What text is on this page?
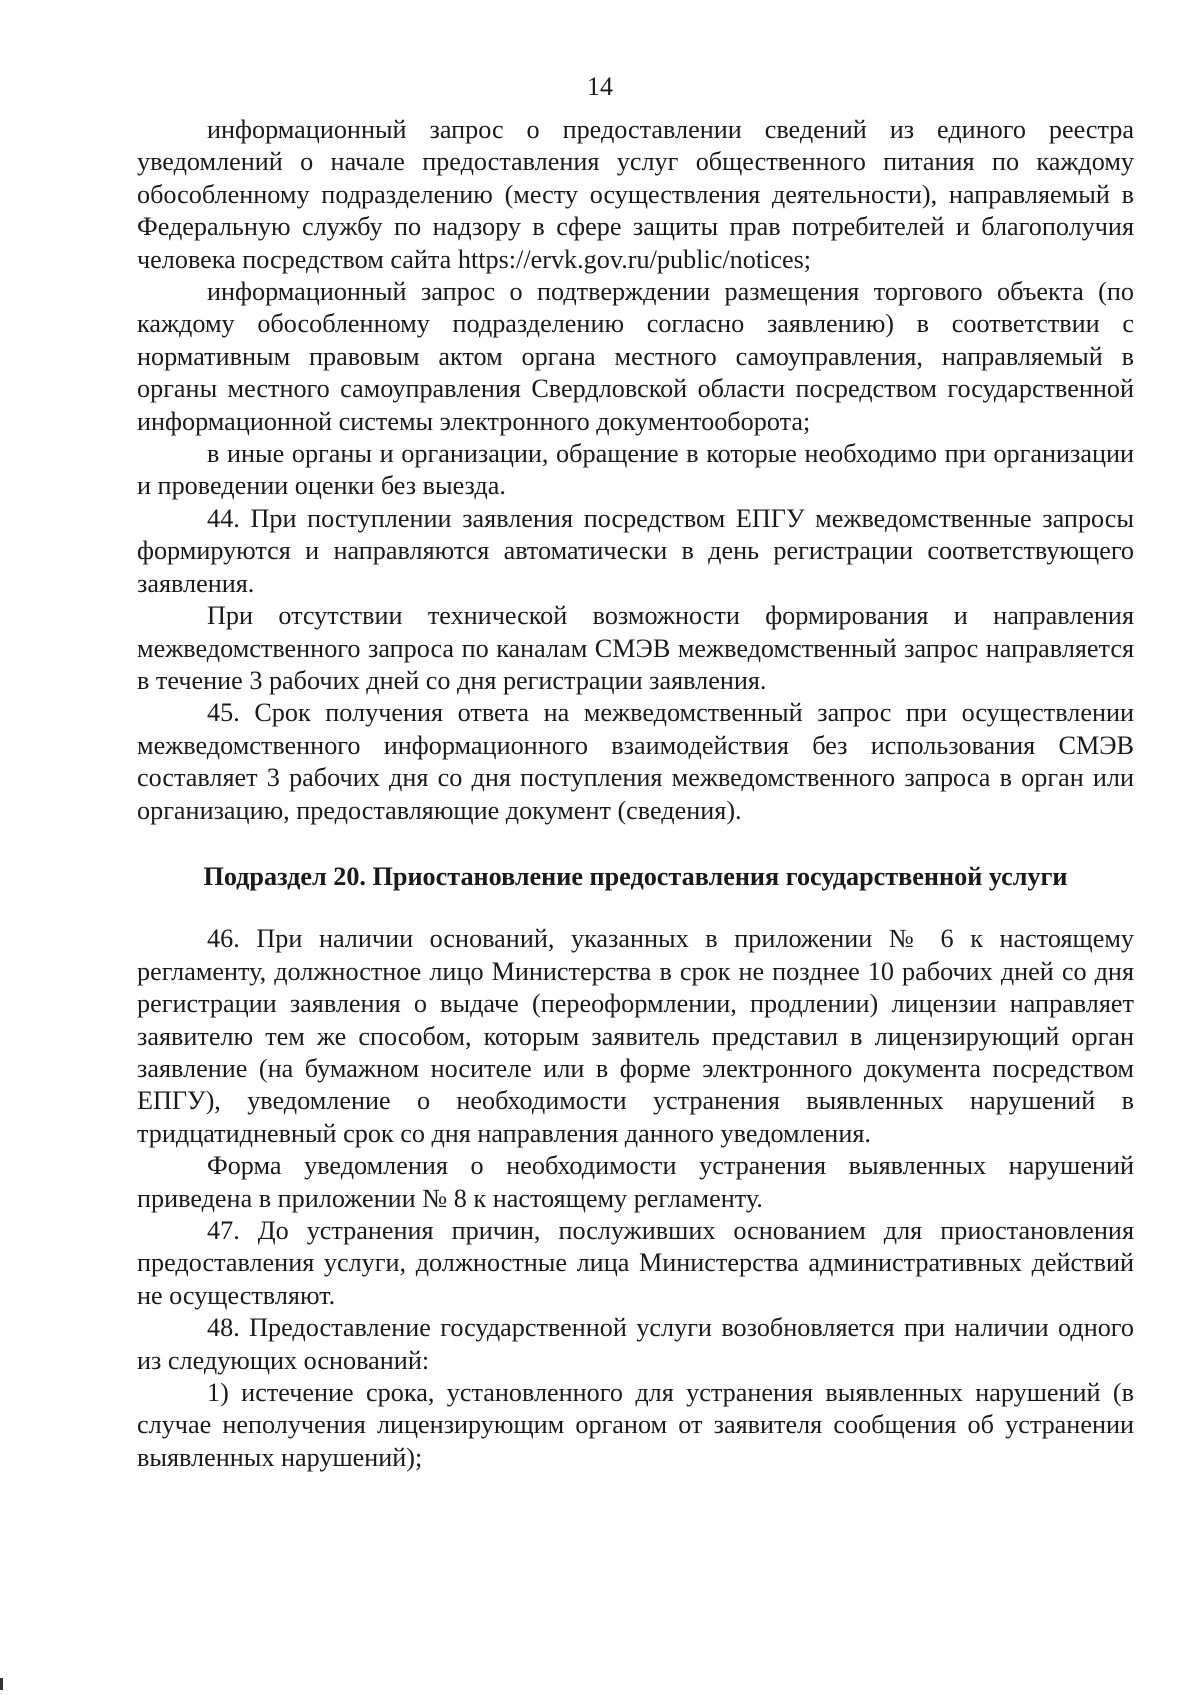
14

информационный запрос о предоставлении сведений из единого реестра уведомлений о начале предоставления услуг общественного питания по каждому обособленному подразделению (месту осуществления деятельности), направляемый в Федеральную службу по надзору в сфере защиты прав потребителей и благополучия человека посредством сайта https://ervk.gov.ru/public/notices;

информационный запрос о подтверждении размещения торгового объекта (по каждому обособленному подразделению согласно заявлению) в соответствии с нормативным правовым актом органа местного самоуправления, направляемый в органы местного самоуправления Свердловской области посредством государственной информационной системы электронного документооборота;

в иные органы и организации, обращение в которые необходимо при организации и проведении оценки без выезда.

44. При поступлении заявления посредством ЕПГУ межведомственные запросы формируются и направляются автоматически в день регистрации соответствующего заявления.

При отсутствии технической возможности формирования и направления межведомственного запроса по каналам СМЭВ межведомственный запрос направляется в течение 3 рабочих дней со дня регистрации заявления.

45. Срок получения ответа на межведомственный запрос при осуществлении межведомственного информационного взаимодействия без использования СМЭВ составляет 3 рабочих дня со дня поступления межведомственного запроса в орган или организацию, предоставляющие документ (сведения).

Подраздел 20. Приостановление предоставления государственной услуги

46. При наличии оснований, указанных в приложении № 6 к настоящему регламенту, должностное лицо Министерства в срок не позднее 10 рабочих дней со дня регистрации заявления о выдаче (переоформлении, продлении) лицензии направляет заявителю тем же способом, которым заявитель представил в лицензирующий орган заявление (на бумажном носителе или в форме электронного документа посредством ЕПГУ), уведомление о необходимости устранения выявленных нарушений в тридцатидневный срок со дня направления данного уведомления.

Форма уведомления о необходимости устранения выявленных нарушений приведена в приложении № 8 к настоящему регламенту.

47. До устранения причин, послуживших основанием для приостановления предоставления услуги, должностные лица Министерства административных действий не осуществляют.

48. Предоставление государственной услуги возобновляется при наличии одного из следующих оснований:

1) истечение срока, установленного для устранения выявленных нарушений (в случае неполучения лицензирующим органом от заявителя сообщения об устранении выявленных нарушений);
